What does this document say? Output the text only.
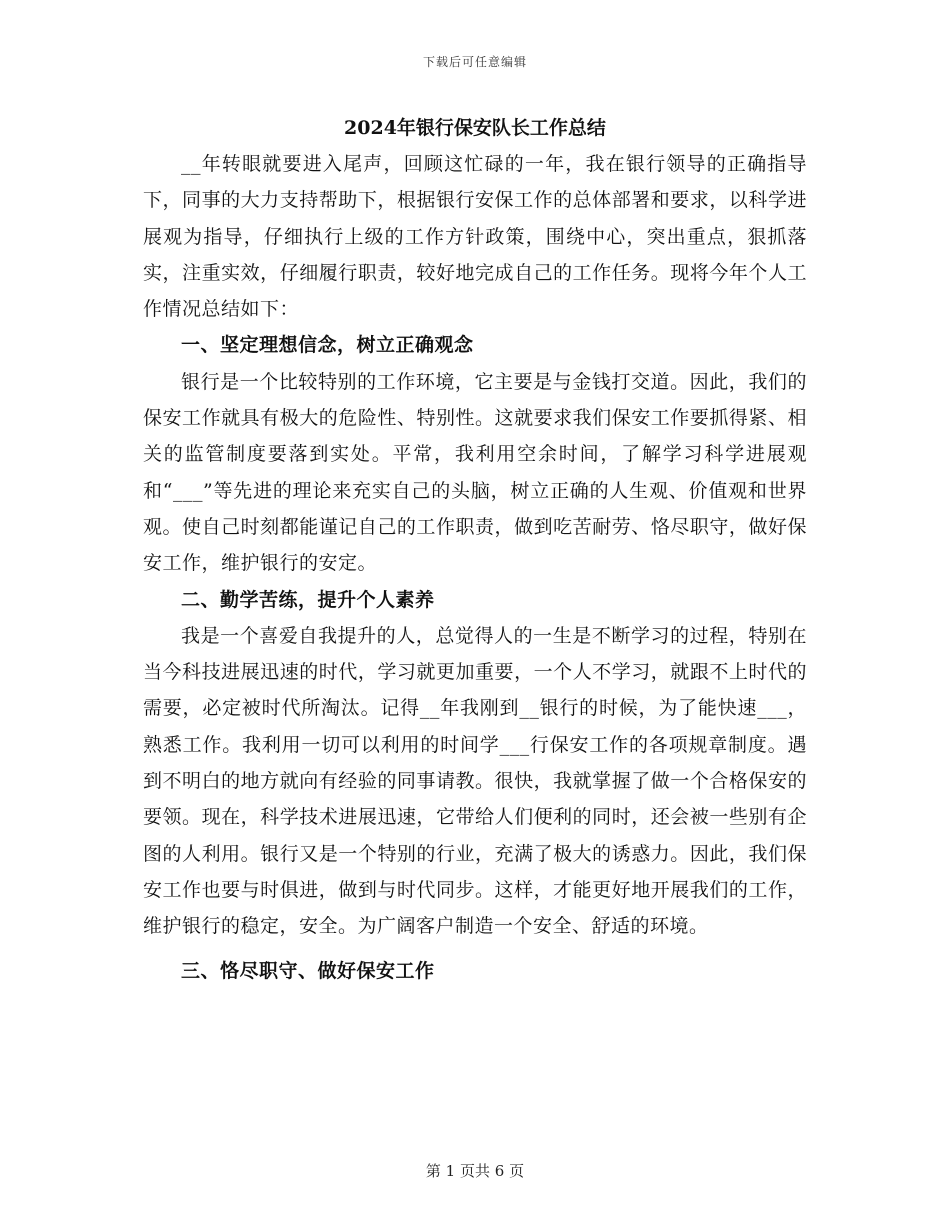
下载后可任意编辑
2024年银行保安队长工作总结

__年转眼就要进入尾声，回顾这忙碌的一年，我在银行领导的正确指导下，同事的大力支持帮助下，根据银行安保工作的总体部署和要求，以科学进展观为指导，仔细执行上级的工作方针政策，围绕中心，突出重点，狠抓落实，注重实效，仔细履行职责，较好地完成自己的工作任务。现将今年个人工作情况总结如下：

一、坚定理想信念，树立正确观念

银行是一个比较特别的工作环境，它主要是与金钱打交道。因此，我们的保安工作就具有极大的危险性、特别性。这就要求我们保安工作要抓得紧、相关的监管制度要落到实处。平常，我利用空余时间，了解学习科学进展观和“___”等先进的理论来充实自己的头脑，树立正确的人生观、价值观和世界观。使自己时刻都能谨记自己的工作职责，做到吃苦耐劳、恪尽职守，做好保安工作，维护银行的安定。

二、勤学苦练，提升个人素养

我是一个喜爱自我提升的人，总觉得人的一生是不断学习的过程，特别在当今科技进展迅速的时代，学习就更加重要，一个人不学习，就跟不上时代的需要，必定被时代所淘汰。记得__年我刚到__银行的时候，为了能快速___，熟悉工作。我利用一切可以利用的时间学___行保安工作的各项规章制度。遇到不明白的地方就向有经验的同事请教。很快，我就掌握了做一个合格保安的要领。现在，科学技术进展迅速，它带给人们便利的同时，还会被一些别有企图的人利用。银行又是一个特别的行业，充满了极大的诱惑力。因此，我们保安工作也要与时俱进，做到与时代同步。这样，才能更好地开展我们的工作，维护银行的稳定，安全。为广阔客户制造一个安全、舒适的环境。

三、恪尽职守、做好保安工作
第 1 页共 6 页
